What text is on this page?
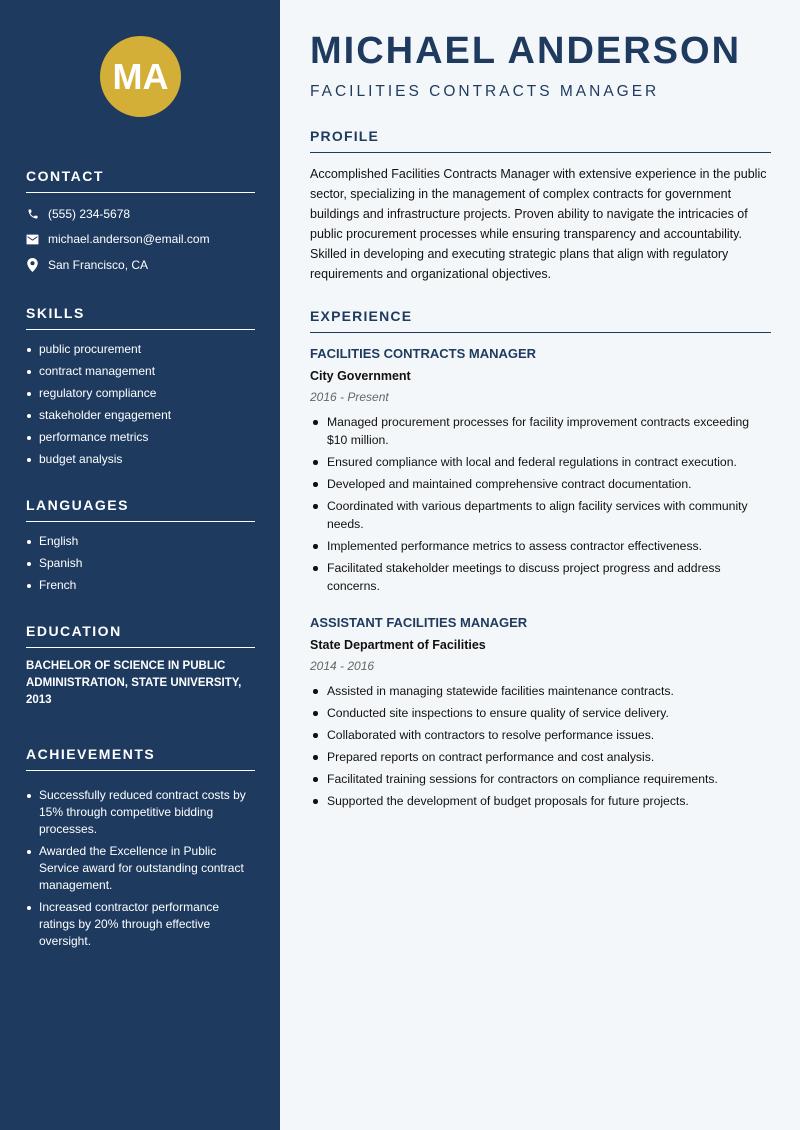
MA
CONTACT
(555) 234-5678
michael.anderson@email.com
San Francisco, CA
SKILLS
public procurement
contract management
regulatory compliance
stakeholder engagement
performance metrics
budget analysis
LANGUAGES
English
Spanish
French
EDUCATION

BACHELOR OF SCIENCE IN PUBLIC ADMINISTRATION, STATE UNIVERSITY, 2013

ACHIEVEMENTS
Successfully reduced contract costs by 15% through competitive bidding processes.
Awarded the Excellence in Public Service award for outstanding contract management.
Increased contractor performance ratings by 20% through effective oversight.
MICHAEL ANDERSON
FACILITIES CONTRACTS MANAGER
PROFILE

Accomplished Facilities Contracts Manager with extensive experience in the public sector, specializing in the management of complex contracts for government buildings and infrastructure projects. Proven ability to navigate the intricacies of public procurement processes while ensuring transparency and accountability. Skilled in developing and executing strategic plans that align with regulatory requirements and organizational objectives.

EXPERIENCE
FACILITIES CONTRACTS MANAGER
City Government
2016 - Present
Managed procurement processes for facility improvement contracts exceeding $10 million.
Ensured compliance with local and federal regulations in contract execution.
Developed and maintained comprehensive contract documentation.
Coordinated with various departments to align facility services with community needs.
Implemented performance metrics to assess contractor effectiveness.
Facilitated stakeholder meetings to discuss project progress and address concerns.
ASSISTANT FACILITIES MANAGER
State Department of Facilities
2014 - 2016
Assisted in managing statewide facilities maintenance contracts.
Conducted site inspections to ensure quality of service delivery.
Collaborated with contractors to resolve performance issues.
Prepared reports on contract performance and cost analysis.
Facilitated training sessions for contractors on compliance requirements.
Supported the development of budget proposals for future projects.
